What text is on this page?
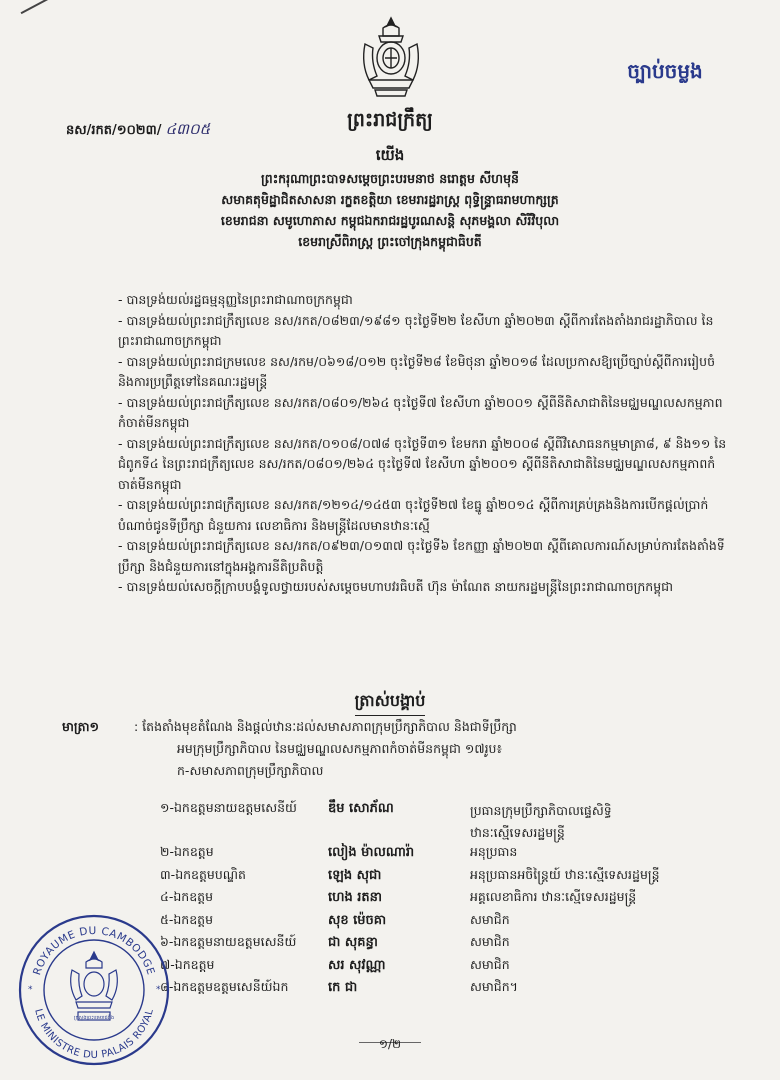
ច្បាប់ចម្លង
ព្រះរាជក្រឹត្យ
នស/រកត/១០២៣/ ៤៣០៥
យើង
ព្រះករុណាព្រះបាទសម្ដេចព្រះបរមនាថ នរោត្តម សីហមុនី
សមាគតុមិដ្ឋាជិតសាសនា រក្ខតខត្តិយា ខេមរារដ្ឋរាស្ត្រ ពុទ្ធិន្ទ្រាធរាមហាក្សត្រ
ខេមរាជនា សមូហោភាស កម្ពុជឯករាជរដ្ឋបូរណសន្តិ សុភមង្គលា សិរីវិបុលា
ខេមរាស្រីពិរាស្ត្រ ព្រះចៅក្រុងកម្ពុជាធិបតី

- បានទ្រង់យល់រដ្ឋធម្មនុញ្ញនៃព្រះរាជាណាចក្រកម្ពុជា

- បានទ្រង់យល់ព្រះរាជក្រឹត្យលេខ នស/រកត/០៨២៣/១៩៨១ ចុះថ្ងៃទី២២ ខែសីហា ឆ្នាំ២០២៣ ស្ដីពីការតែងតាំងរាជរដ្ឋាភិបាល នៃព្រះរាជាណាចក្រកម្ពុជា

- បានទ្រង់យល់ព្រះរាជក្រមលេខ នស/រកម/០៦១៨/០១២ ចុះថ្ងៃទី២៨ ខែមិថុនា ឆ្នាំ២០១៨ ដែលប្រកាសឱ្យប្រើច្បាប់ស្ដីពីការរៀបចំនិងការប្រព្រឹត្តទៅនៃគណៈរដ្ឋមន្ត្រី

- បានទ្រង់យល់ព្រះរាជក្រឹត្យលេខ នស/រកត/០៨០១/២៦៤ ចុះថ្ងៃទី៧ ខែសីហា ឆ្នាំ២០០១ ស្ដីពីនីតិសាជាតិនៃមជ្ឈមណ្ឌលសកម្មភាពកំចាត់មីនកម្ពុជា

- បានទ្រង់យល់ព្រះរាជក្រឹត្យលេខ នស/រកត/០១០៨/០៧៨ ចុះថ្ងៃទី៣១ ខែមករា ឆ្នាំ២០០៨ ស្ដីពីវិសោធនកម្មមាត្រា៨, ៩ និង១១ នៃជំពូកទី៤ នៃព្រះរាជក្រឹត្យលេខ នស/រកត/០៨០១/២៦៤ ចុះថ្ងៃទី៧ ខែសីហា ឆ្នាំ២០០១ ស្ដីពីនីតិសាជាតិនៃមជ្ឈមណ្ឌលសកម្មភាពកំចាត់មីនកម្ពុជា

- បានទ្រង់យល់ព្រះរាជក្រឹត្យលេខ នស/រកត/១២១៤/១៤៥៣ ចុះថ្ងៃទី២៧ ខែធ្នូ ឆ្នាំ២០១៤ ស្ដីពីការគ្រប់គ្រងនិងការបើកផ្ដល់ប្រាក់បំណាច់ជូនទីប្រឹក្សា ជំនួយការ លេខាធិការ និងមន្ត្រីដែលមានឋានៈស្មើ

- បានទ្រង់យល់ព្រះរាជក្រឹត្យលេខ នស/រកត/០៩២៣/០១៣៧ ចុះថ្ងៃទី៦ ខែកញ្ញា ឆ្នាំ២០២៣ ស្ដីពីគោលការណ៍សម្រាប់ការតែងតាំងទីប្រឹក្សា និងជំនួយការនៅក្នុងអង្គការនីតិប្រតិបត្តិ

- បានទ្រង់យល់សេចក្ដីក្រាបបង្គំទូលថ្វាយរបស់សម្ដេចមហាបវរធិបតី ហ៊ុន ម៉ាណែត នាយករដ្ឋមន្ត្រីនៃព្រះរាជាណាចក្រកម្ពុជា

ត្រាស់បង្គាប់
មាត្រា១	: តែងតាំងមុខតំណែង និងផ្ដល់ឋានៈដល់សមាសភាពក្រុមប្រឹក្សាភិបាល និងជាទីប្រឹក្សា
អមក្រុមប្រឹក្សាភិបាល នៃមជ្ឈមណ្ឌលសកម្មភាពកំចាត់មីនកម្ពុជា ១៧រូប៖
ក-សមាសភាពក្រុមប្រឹក្សាភិបាល
១-ឯកឧត្តមនាយឧត្តមសេនីយ៍ ឌឹម សោភ័ណ	ប្រធានក្រុមប្រឹក្សាភិបាលផ្ទេសិទ្ធិ
ឋានៈស្មើទេសរដ្ឋមន្ត្រី
២-ឯកឧត្តម	លៀង ម៉ាលណារ៉ា	អនុប្រធាន
៣-ឯកឧត្តមបណ្ឌិត	ឡេង សុជា	អនុប្រធានអចិន្ត្រៃយ៍ ឋានៈស្មើទេសរដ្ឋមន្ត្រី
៤-ឯកឧត្តម	ហេង រតនា	អគ្គលេខាធិការ ឋានៈស្មើទេសរដ្ឋមន្ត្រី
៥-ឯកឧត្តម	សុខ ម៉េចគា	សមាជិក
៦-ឯកឧត្តមនាយឧត្តមសេនីយ៍ ជា សុគន្ធា	សមាជិក
៧-ឯកឧត្តម	សរ សុវណ្ណា	សមាជិក
៨-ឯកឧត្តមឧត្តមសេនីយ៍ឯក	កេ ជា	សមាជិក។
១/២
ROYAUME DU CAMBODGE
LE MINISTRE DU PALAIS ROYAL
ក្រសួងព្រះបរមរាជវាំង
*	*
